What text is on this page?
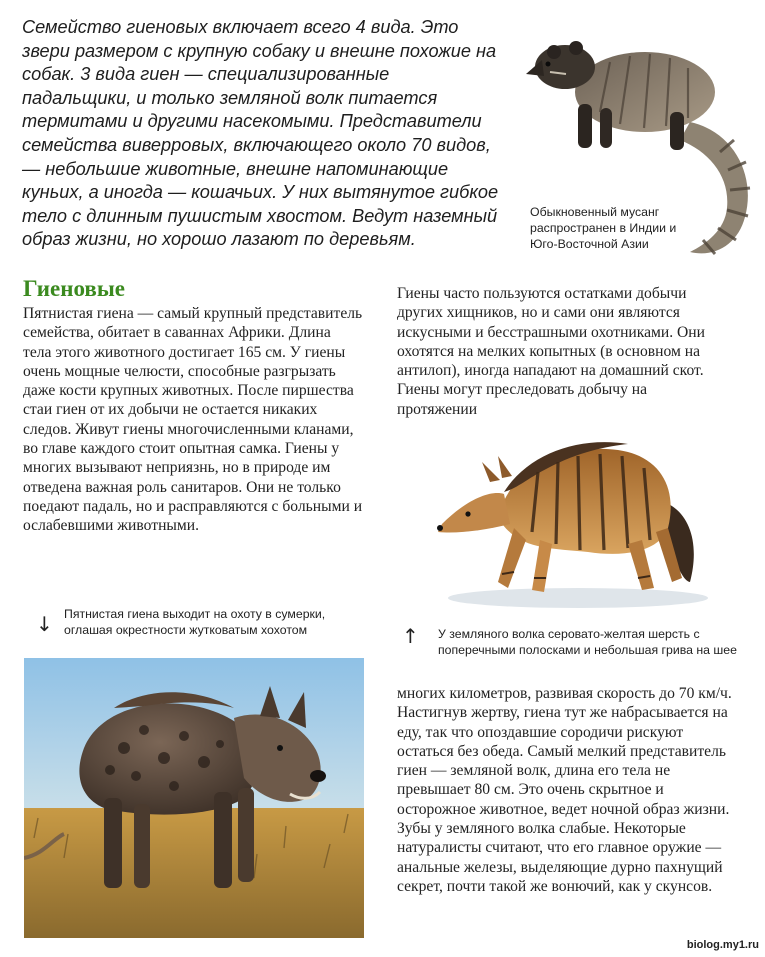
Семейство гиеновых включает всего 4 вида. Это звери размером с крупную собаку и внешне похожие на собак. 3 вида гиен — специализированные падальщики, и только земляной волк питается термитами и другими насекомыми. Представители семейства виверровых, включающего около 70 видов, — небольшие животные, внешне напоминающие куньих, а иногда — кошачьих. У них вытянутое гибкое тело с длинным пушистым хвостом. Ведут наземный образ жизни, но хорошо лазают по деревьям.

Обыкновенный мусанг распространен в Индии и Юго-Восточной Азии
Гиеновые
Пятнистая гиена — самый крупный представитель семейства, обитает в саваннах Африки. Длина тела этого животного достигает 165 см. У гиены очень мощные челюсти, способные разгрызать даже кости крупных животных. После пиршества стаи гиен от их добычи не остается никаких следов. Живут гиены многочисленными кланами, во главе каждого стоит опытная самка. Гиены у многих вызывают неприязнь, но в природе им отведена важная роль санитаров. Они не только поедают падаль, но и расправляются с больными и ослабевшими животными.
Гиены часто пользуются остатками добычи других хищников, но и сами они являются искусными и бесстрашными охотниками. Они охотятся на мелких копытных (в основном на антилоп), иногда нападают на домашний скот. Гиены могут преследовать добычу на протяжении
↑ У земляного волка серовато-желтая шерсть с поперечными полосками и небольшая грива на шее
↓ Пятнистая гиена выходит на охоту в сумерки, оглашая окрестности жутковатым хохотом
многих километров, развивая скорость до 70 км/ч. Настигнув жертву, гиена тут же набрасывается на еду, так что опоздавшие сородичи рискуют остаться без обеда. Самый мелкий представитель гиен — земляной волк, длина его тела не превышает 80 см. Это очень скрытное и осторожное животное, ведет ночной образ жизни. Зубы у земляного волка слабые. Некоторые натуралисты считают, что его главное оружие — анальные железы, выделяющие дурно пахнущий секрет, почти такой же вонючий, как у скунсов.
biolog.my1.ru
